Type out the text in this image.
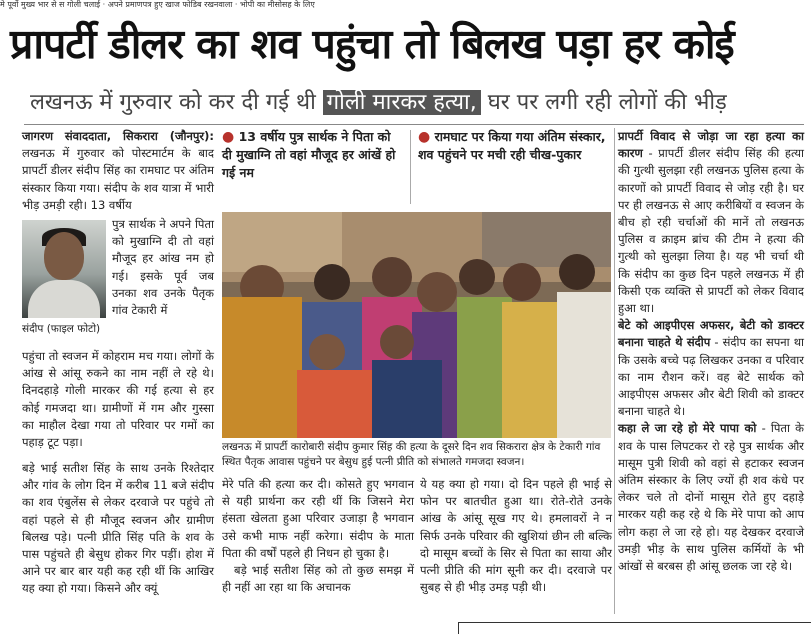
मे पूर्वो मुख्य भार से स गोली चलाई · अपने प्रमाणपत्र हुए खाज फोडिब रखनवाला · भोपी का मीसोसह के लिए
प्रापर्टी डीलर का शव पहुंचा तो बिलख पड़ा हर कोई
लखनऊ में गुरुवार को कर दी गई थी गोली मारकर हत्या, घर पर लगी रही लोगों की भीड़

जागरण संवाददाता, सिकरारा (जौनपुर): लखनऊ में गुरुवार को पोस्टमार्टम के बाद प्रापर्टी डीलर संदीप सिंह का रामघाट पर अंतिम संस्कार किया गया। संदीप के शव यात्रा में भारी भीड़ उमड़ी रही। 13 वर्षीय

संदीप (फाइल फोटो)
पुत्र सार्थक ने अपने पिता को मुखाग्नि दी तो वहां मौजूद हर आंख नम हो गई। इसके पूर्व जब उनका शव उनके पैतृक गांव टेकारी में
पहुंचा तो स्वजन में कोहराम मच गया। लोगों के आंख से आंसू रुकने का नाम नहीं ले रहे थे। दिनदहाड़े गोली मारकर की गई हत्या से हर कोई गमजदा था। ग्रामीणों में गम और गुस्सा का माहौल देखा गया तो परिवार पर गमों का पहाड़ टूट पड़ा।
बड़े भाई सतीश सिंह के साथ उनके रिश्तेदार और गांव के लोग दिन में करीब 11 बजे संदीप का शव एंबुलेंस से लेकर दरवाजे पर पहुंचे तो वहां पहले से ही मौजूद स्वजन और ग्रामीण बिलख पड़े। पत्नी प्रीति सिंह पति के शव के पास पहुंचते ही बेसुध होकर गिर पड़ीं। होश में आने पर बार बार यही कह रही थीं कि आखिर यह क्या हो गया। किसने और क्यूं
● 13 वर्षीय पुत्र सार्थक ने पिता को दी मुखाग्नि तो वहां मौजूद हर आंखें हो गई नम
● रामघाट पर किया गया अंतिम संस्कार, शव पहुंचने पर मची रही चीख-पुकार
लखनऊ में प्रापर्टी कारोबारी संदीप कुमार सिंह की हत्या के दूसरे दिन शव सिकरारा क्षेत्र के टेकारी गांव स्थित पैतृक आवास पहुंचने पर बेसुध हुई पत्नी प्रीति को संभालते गमजदा स्वजन।

मेरे पति की हत्या कर दी। कोसते हुए भगवान से यही प्रार्थना कर रही थीं कि जिसने मेरा हंसता खेलता हुआ परिवार उजाड़ा है भगवान उसे कभी माफ नहीं करेगा। संदीप के माता पिता की वर्षों पहले ही निधन हो चुका है।

बड़े भाई सतीश सिंह को तो कुछ समझ में ही नहीं आ रहा था कि अचानक

ये यह क्या हो गया। दो दिन पहले ही भाई से फोन पर बातचीत हुआ था। रोते-रोते उनके आंख के आंसू सूख गए थे। हमलावरों ने न सिर्फ उनके परिवार की खुशियां छीन ली बल्कि दो मासूम बच्चों के सिर से पिता का साया और पत्नी प्रीति की मांग सूनी कर दी। दरवाजे पर सुबह से ही भीड़ उमड़ पड़ी थी।

प्रापर्टी विवाद से जोड़ा जा रहा हत्या का कारण - प्रापर्टी डीलर संदीप सिंह की हत्या की गुत्थी सुलझा रही लखनऊ पुलिस हत्या के कारणों को प्रापर्टी विवाद से जोड़ रही है। घर पर ही लखनऊ से आए करीबियों व स्वजन के बीच हो रही चर्चाओं की मानें तो लखनऊ पुलिस व क्राइम ब्रांच की टीम ने हत्या की गुत्थी को सुलझा लिया है। यह भी चर्चा थी कि संदीप का कुछ दिन पहले लखनऊ में ही किसी एक व्यक्ति से प्रापर्टी को लेकर विवाद हुआ था।

बेटे को आइपीएस अफसर, बेटी को डाक्टर बनाना चाहते थे संदीप - संदीप का सपना था कि उसके बच्चे पढ़ लिखकर उनका व परिवार का नाम रौशन करें। वह बेटे सार्थक को आइपीएस अफसर और बेटी शिवी को डाक्टर बनाना चाहते थे।

कहा ले जा रहे हो मेरे पापा को - पिता के शव के पास लिपटकर रो रहे पुत्र सार्थक और मासूम पुत्री शिवी को वहां से हटाकर स्वजन अंतिम संस्कार के लिए ज्यों ही शव कंधे पर लेकर चले तो दोनों मासूम रोते हुए दहाड़े मारकर यही कह रहे थे कि मेरे पापा को आप लोग कहा ले जा रहे हो। यह देखकर दरवाजे उमड़ी भीड़ के साथ पुलिस कर्मियों के भी आंखों से बरबस ही आंसू छलक जा रहे थे।
